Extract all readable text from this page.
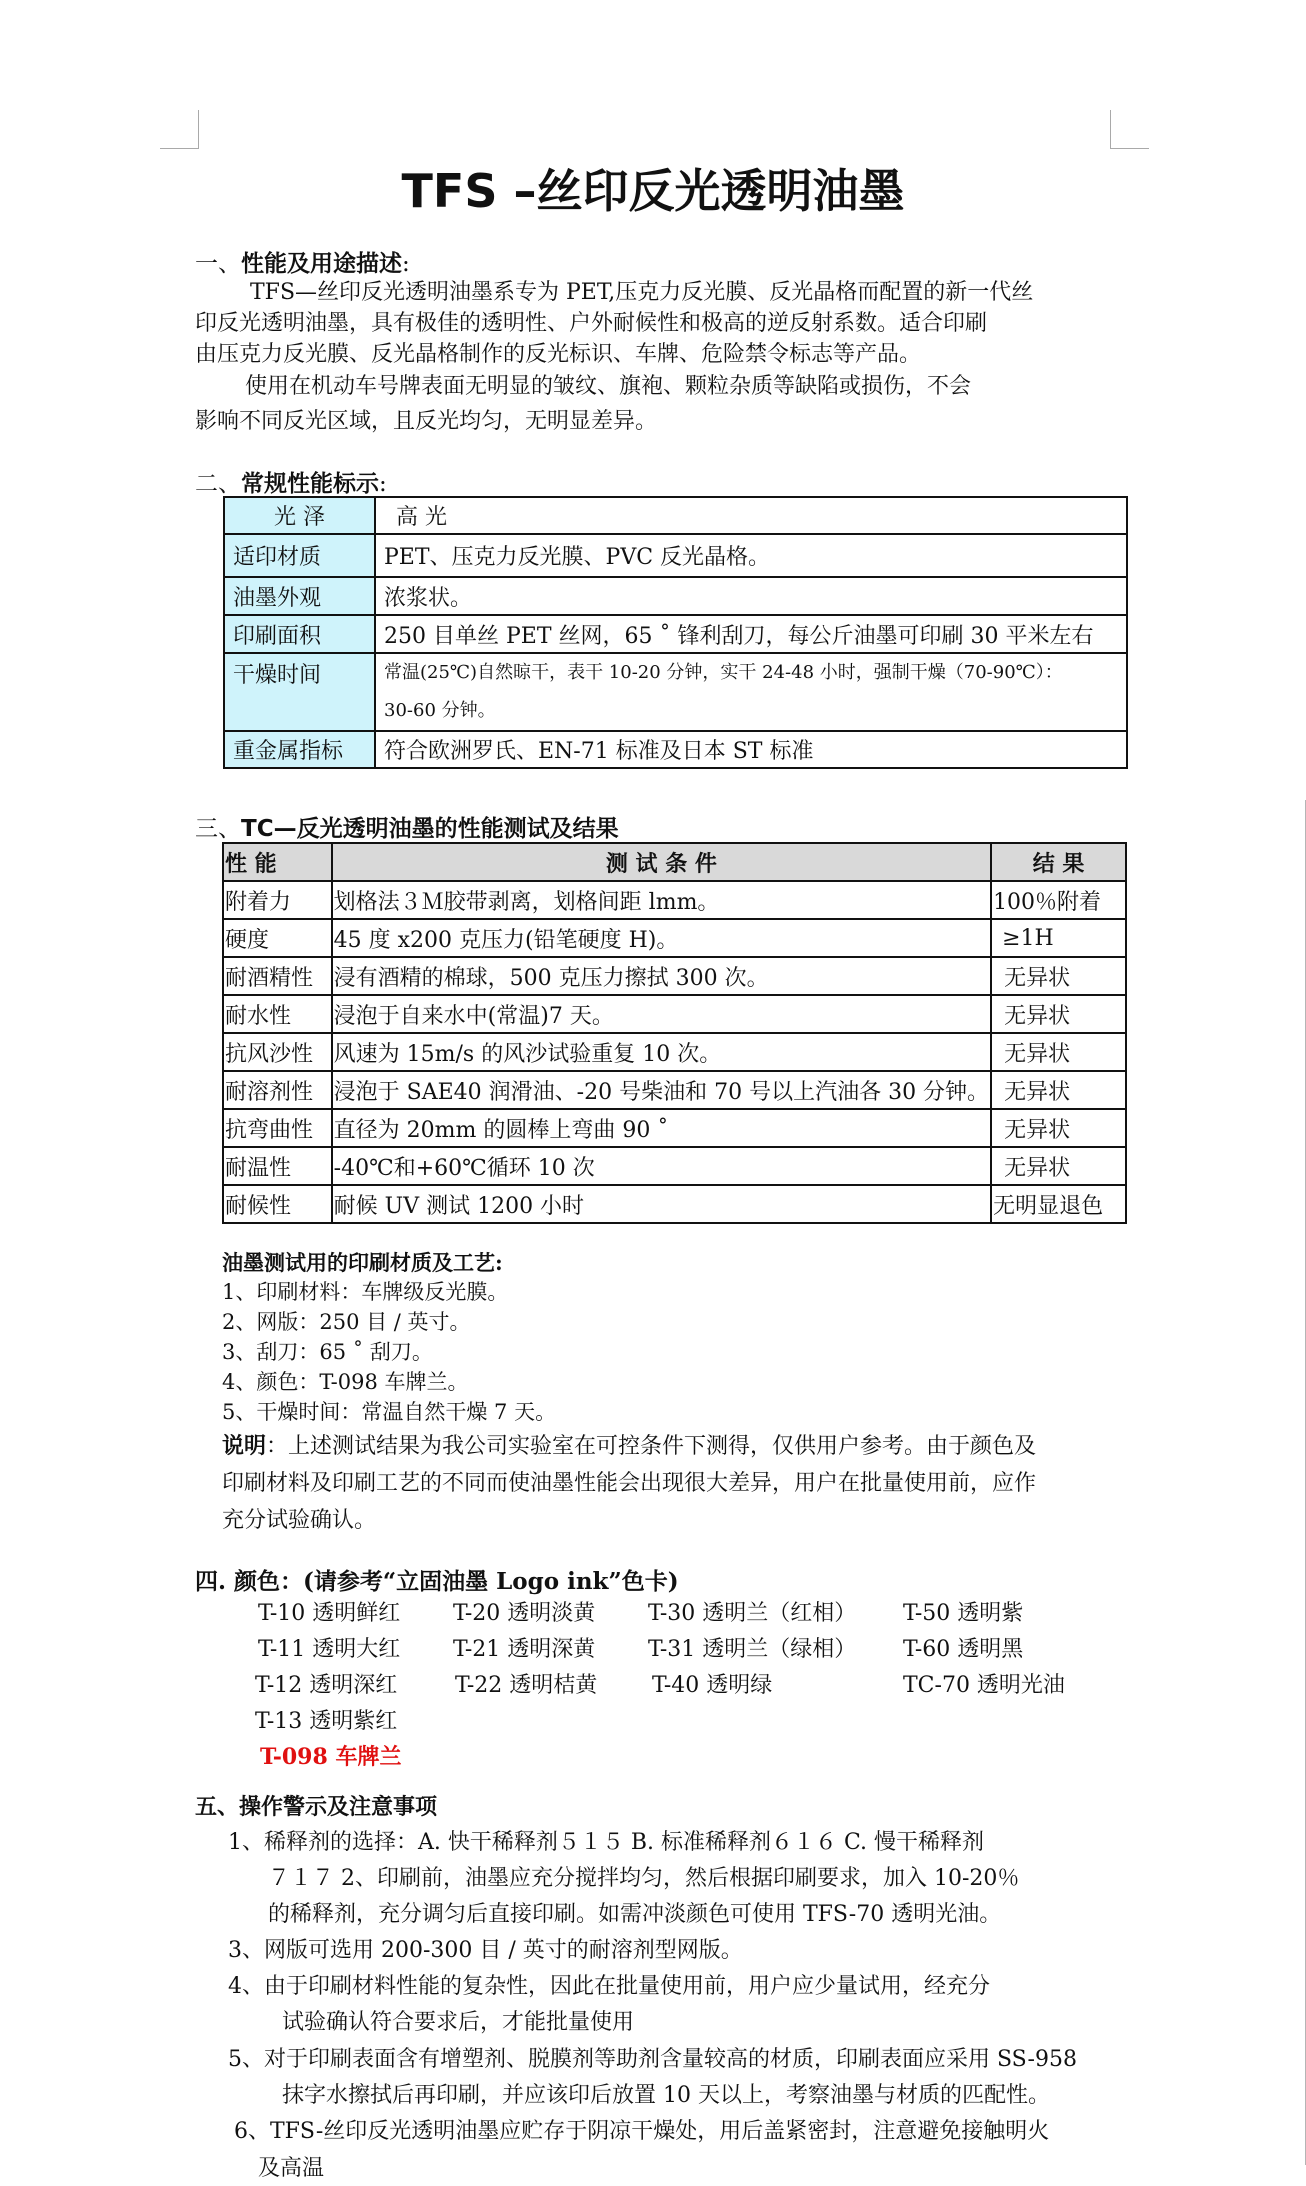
TFS –丝印反光透明油墨
一、性能及用途描述:
TFS—丝印反光透明油墨系专为 PET,压克力反光膜、反光晶格而配置的新一代丝
印反光透明油墨，具有极佳的透明性、户外耐候性和极高的逆反射系数。适合印刷
由压克力反光膜、反光晶格制作的反光标识、车牌、危险禁令标志等产品。
使用在机动车号牌表面无明显的皱纹、旗袍、颗粒杂质等缺陷或损伤，不会
影响不同反光区域，且反光均匀，无明显差异。
二、常规性能标示:
光 泽	高 光
适印材质	PET、压克力反光膜、PVC 反光晶格。
油墨外观	浓浆状。
印刷面积	250 目单丝 PET 丝网，65 ˚ 锋利刮刀，每公斤油墨可印刷 30 平米左右
干燥时间	常温(25℃)自然晾干，表干 10-20 分钟，实干 24-48 小时，强制干燥（70-90℃）：
30-60 分钟。

重金属指标	符合欧洲罗氏、EN-71 标准及日本 ST 标准
三、TC—反光透明油墨的性能测试及结果
性 能	测 试 条 件	结 果
附着力	划格法３Ｍ胶带剥离，划格间距 lmm。	100％附着
硬度	45 度 x200 克压力(铅笔硬度 H)。	≥1H
耐酒精性	浸有酒精的棉球，500 克压力擦拭 300 次。	无异状
耐水性	浸泡于自来水中(常温)7 天。	无异状
抗风沙性	风速为 15m/s 的风沙试验重复 10 次。	无异状
耐溶剂性	浸泡于 SAE40 润滑油、-20 号柴油和 70 号以上汽油各 30 分钟。	无异状
抗弯曲性	直径为 20mm 的圆棒上弯曲 90 ˚	无异状
耐温性	-40℃和+60℃循环 10 次	无异状
耐候性	耐候 UV 测试 1200 小时	无明显退色
油墨测试用的印刷材质及工艺:
1、印刷材料：车牌级反光膜。
2、网版：250 目 / 英寸。
3、刮刀：65 ˚ 刮刀。
4、颜色：T-098 车牌兰。
5、干燥时间：常温自然干燥 7 天。
说明：上述测试结果为我公司实验室在可控条件下测得，仅供用户参考。由于颜色及
印刷材料及印刷工艺的不同而使油墨性能会出现很大差异，用户在批量使用前，应作
充分试验确认。
四. 颜色：(请参考“立固油墨 Logo ink”色卡)
T-10 透明鲜红 T-20 透明淡黄 T-30 透明兰（红相） T-50 透明紫
T-11 透明大红 T-21 透明深黄 T-31 透明兰（绿相） T-60 透明黑
T-12 透明深红	T-22 透明桔黄 T-40 透明绿	TC-70 透明光油
T-13 透明紫红
T-098 车牌兰
五、操作警示及注意事项
1、稀释剂的选择：A. 快干稀释剂５１５ B. 标准稀释剂６１６ C. 慢干稀释剂
７１７ 2、印刷前，油墨应充分搅拌均匀，然后根据印刷要求，加入 10-20％
的稀释剂，充分调匀后直接印刷。如需冲淡颜色可使用 TFS-70 透明光油。
3、网版可选用 200-300 目 / 英寸的耐溶剂型网版。
4、由于印刷材料性能的复杂性，因此在批量使用前，用户应少量试用，经充分
试验确认符合要求后，才能批量使用
5、对于印刷表面含有增塑剂、脱膜剂等助剂含量较高的材质，印刷表面应采用 SS-958
抹字水擦拭后再印刷，并应该印后放置 10 天以上，考察油墨与材质的匹配性。
6、TFS-丝印反光透明油墨应贮存于阴凉干燥处，用后盖紧密封，注意避免接触明火
及高温
